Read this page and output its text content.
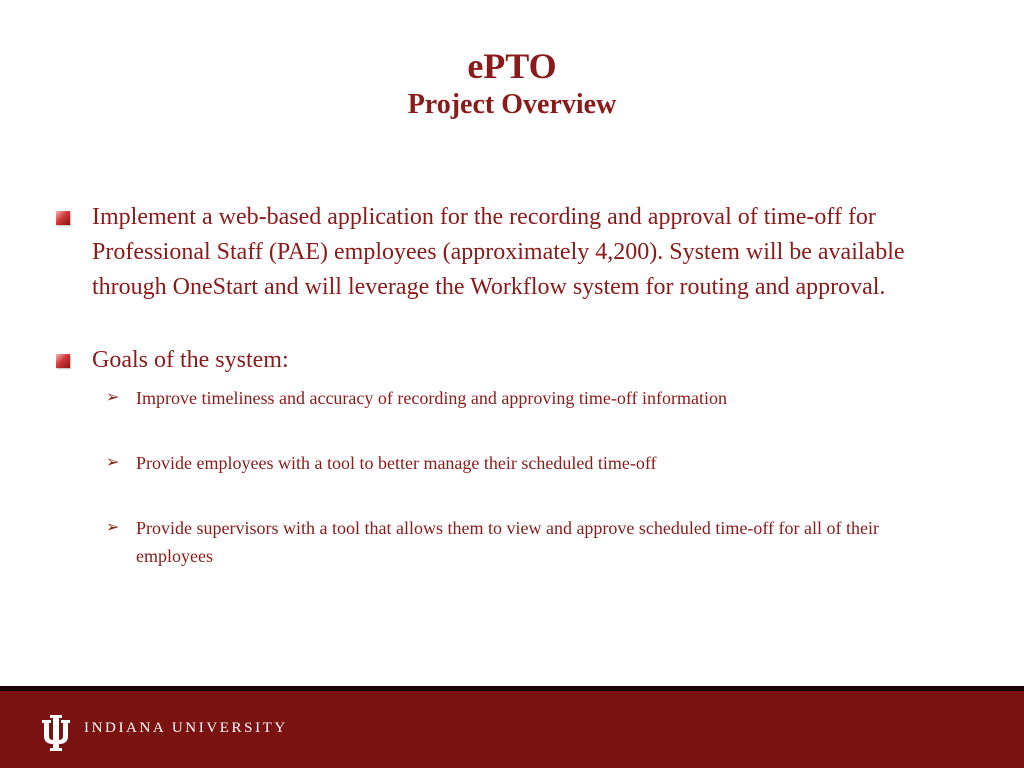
ePTO
Project Overview
Implement a web-based application for the recording and approval of time-off for Professional Staff (PAE) employees (approximately 4,200). System will be available through OneStart and will leverage the Workflow system for routing and approval.
Goals of the system:
➢ Improve timeliness and accuracy of recording and approving time-off information
➢ Provide employees with a tool to better manage their scheduled time-off
➢ Provide supervisors with a tool that allows them to view and approve scheduled time-off for all of their employees
INDIANA UNIVERSITY
